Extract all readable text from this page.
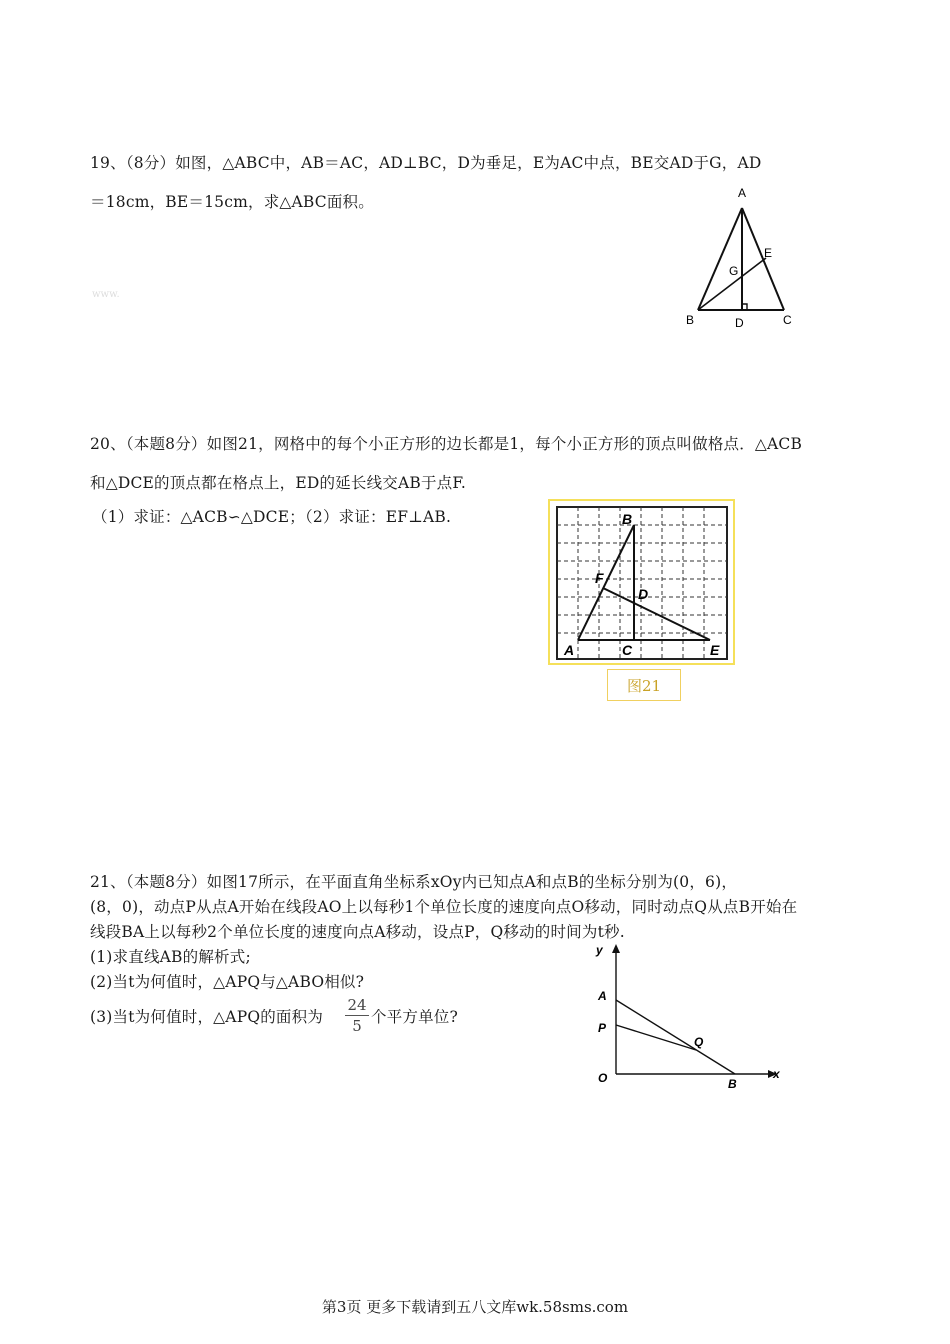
19、（8分）如图，△ABC中，AB＝AC，AD⊥BC，D为垂足，E为AC中点，BE交AD于G，AD
＝18cm，BE＝15cm，求△ABC面积。
www.
A
B	C
D
E
G
20、（本题8分）如图21，网格中的每个小正方形的边长都是1，每个小正方形的顶点叫做格点．△ACB
和△DCE的顶点都在格点上，ED的延长线交AB于点F.
（1）求证：△ACB∽△DCE；（2）求证：EF⊥AB.	B
F
D
A	C	E
图21
21、（本题8分）如图17所示，在平面直角坐标系xOy内已知点A和点B的坐标分别为(0，6)，
(8，0)，动点P从点A开始在线段AO上以每秒1个单位长度的速度向点O移动，同时动点Q从点B开始在
线段BA上以每秒2个单位长度的速度向点A移动，设点P，Q移动的时间为t秒.
(1)求直线AB的解析式;
(2)当t为何值时，△APQ与△ABO相似?
(3)当t为何值时，△APQ的面积为
24
5 个平方单位?
y
x
A
P
Q
O	B
第3页 更多下载请到五八文库wk.58sms.com
